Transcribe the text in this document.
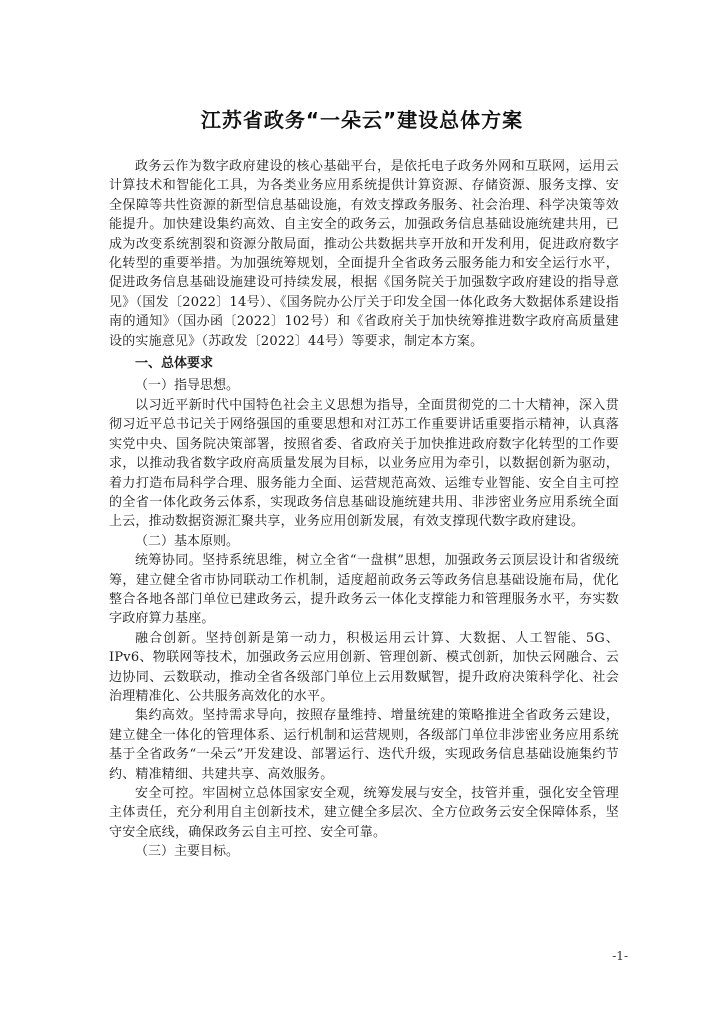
江苏省政务“一朵云”建设总体方案

政务云作为数字政府建设的核心基础平台，是依托电子政务外网和互联网，运用云计算技术和智能化工具，为各类业务应用系统提供计算资源、存储资源、服务支撑、安全保障等共性资源的新型信息基础设施，有效支撑政务服务、社会治理、科学决策等效能提升。加快建设集约高效、自主安全的政务云，加强政务信息基础设施统建共用，已成为改变系统割裂和资源分散局面，推动公共数据共享开放和开发利用，促进政府数字化转型的重要举措。为加强统筹规划，全面提升全省政务云服务能力和安全运行水平，促进政务信息基础设施建设可持续发展，根据《国务院关于加强数字政府建设的指导意见》（国发〔2022〕14号）、《国务院办公厅关于印发全国一体化政务大数据体系建设指南的通知》（国办函〔2022〕102号）和《省政府关于加快统筹推进数字政府高质量建设的实施意见》（苏政发〔2022〕44号）等要求，制定本方案。

一、总体要求

（一）指导思想。

以习近平新时代中国特色社会主义思想为指导，全面贯彻党的二十大精神，深入贯彻习近平总书记关于网络强国的重要思想和对江苏工作重要讲话重要指示精神，认真落实党中央、国务院决策部署，按照省委、省政府关于加快推进政府数字化转型的工作要求，以推动我省数字政府高质量发展为目标，以业务应用为牵引，以数据创新为驱动，着力打造布局科学合理、服务能力全面、运营规范高效、运维专业智能、安全自主可控的全省一体化政务云体系，实现政务信息基础设施统建共用、非涉密业务应用系统全面上云，推动数据资源汇聚共享，业务应用创新发展，有效支撑现代数字政府建设。

（二）基本原则。

统筹协同。坚持系统思维，树立全省“一盘棋”思想，加强政务云顶层设计和省级统筹，建立健全省市协同联动工作机制，适度超前政务云等政务信息基础设施布局，优化整合各地各部门单位已建政务云，提升政务云一体化支撑能力和管理服务水平，夯实数字政府算力基座。

融合创新。坚持创新是第一动力，积极运用云计算、大数据、人工智能、5G、IPv6、物联网等技术，加强政务云应用创新、管理创新、模式创新，加快云网融合、云边协同、云数联动，推动全省各级部门单位上云用数赋智，提升政府决策科学化、社会治理精准化、公共服务高效化的水平。

集约高效。坚持需求导向，按照存量维持、增量统建的策略推进全省政务云建设，建立健全一体化的管理体系、运行机制和运营规则，各级部门单位非涉密业务应用系统基于全省政务“一朵云”开发建设、部署运行、迭代升级，实现政务信息基础设施集约节约、精准精细、共建共享、高效服务。

安全可控。牢固树立总体国家安全观，统筹发展与安全，技管并重，强化安全管理主体责任，充分利用自主创新技术，建立健全多层次、全方位政务云安全保障体系，坚守安全底线，确保政务云自主可控、安全可靠。

（三）主要目标。

-1-
